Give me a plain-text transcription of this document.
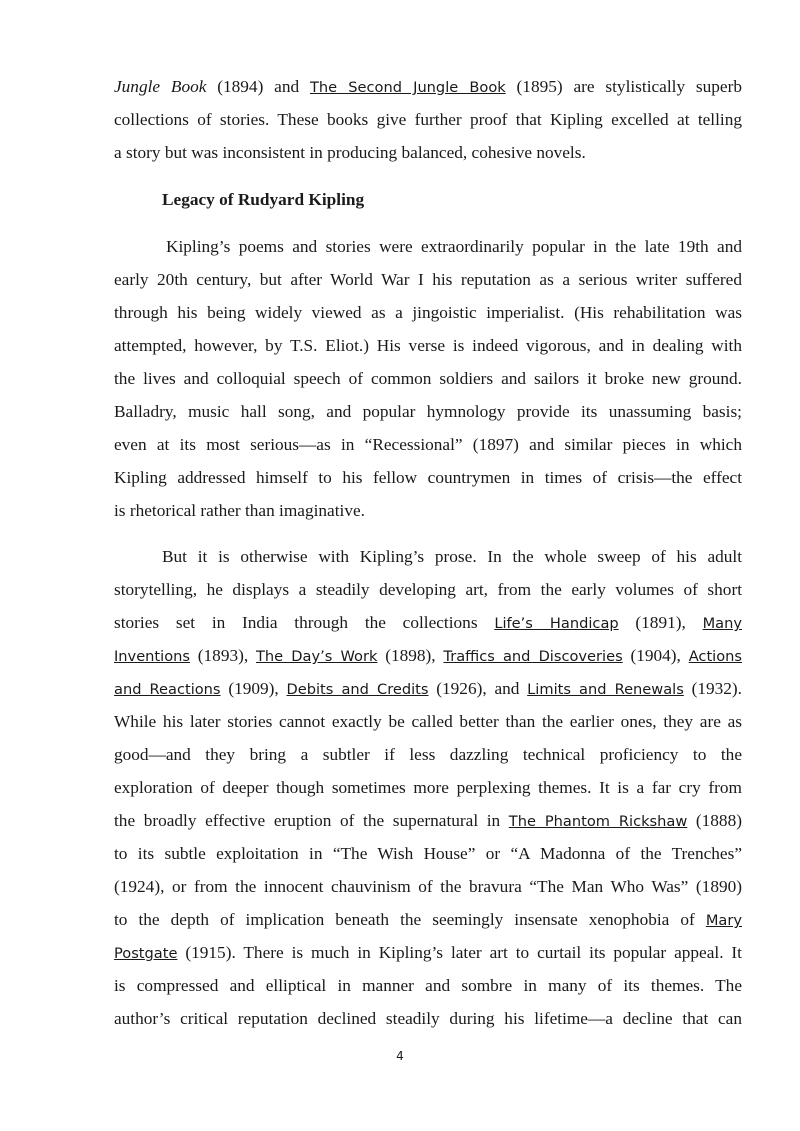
Jungle Book (1894) and The Second Jungle Book (1895) are stylistically superb
collections of stories. These books give further proof that Kipling excelled at telling
a story but was inconsistent in producing balanced, cohesive novels.
Legacy of Rudyard Kipling
Kipling’s poems and stories were extraordinarily popular in the late 19th and
early 20th century, but after World War I his reputation as a serious writer suffered
through his being widely viewed as a jingoistic imperialist. (His rehabilitation was
attempted, however, by T.S. Eliot.) His verse is indeed vigorous, and in dealing with
the lives and colloquial speech of common soldiers and sailors it broke new ground.
Balladry, music hall song, and popular hymnology provide its unassuming basis;
even at its most serious—as in “Recessional” (1897) and similar pieces in which
Kipling addressed himself to his fellow countrymen in times of crisis—the effect
is rhetorical rather than imaginative.
But it is otherwise with Kipling’s prose. In the whole sweep of his adult
storytelling, he displays a steadily developing art, from the early volumes of short
stories set in India through the collections Life’s Handicap (1891), Many
Inventions (1893), The Day’s Work (1898), Traffics and Discoveries (1904), Actions
and Reactions (1909), Debits and Credits (1926), and Limits and Renewals (1932).
While his later stories cannot exactly be called better than the earlier ones, they are as
good—and they bring a subtler if less dazzling technical proficiency to the
exploration of deeper though sometimes more perplexing themes. It is a far cry from
the broadly effective eruption of the supernatural in The Phantom Rickshaw (1888)
to its subtle exploitation in “The Wish House” or “A Madonna of the Trenches”
(1924), or from the innocent chauvinism of the bravura “The Man Who Was” (1890)
to the depth of implication beneath the seemingly insensate xenophobia of Mary
Postgate (1915). There is much in Kipling’s later art to curtail its popular appeal. It
is compressed and elliptical in manner and sombre in many of its themes. The
author’s critical reputation declined steadily during his lifetime—a decline that can
4
